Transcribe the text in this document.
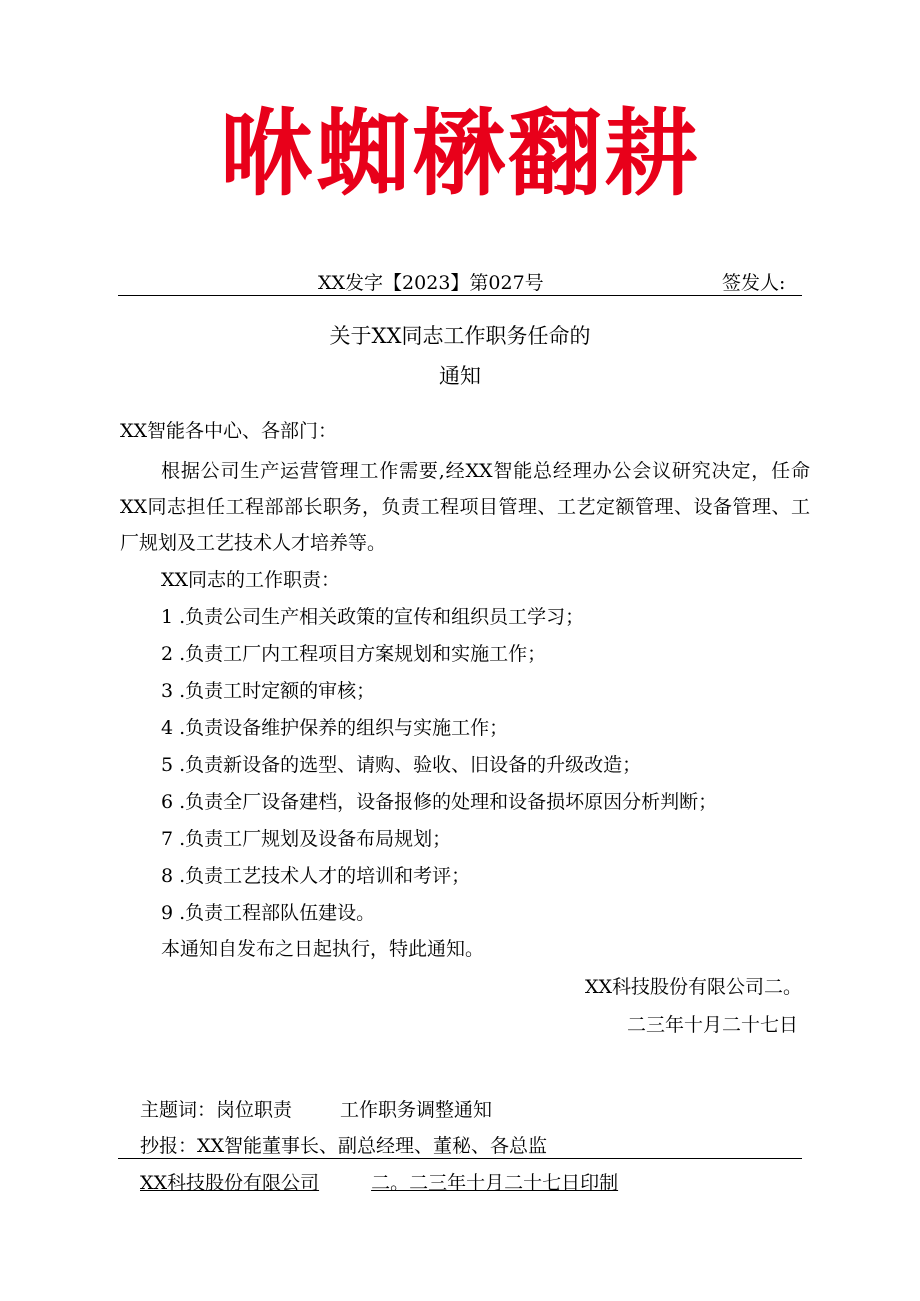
咻蜘楙翻耕
XX发字【2023】第027号	签发人:
关于XX同志工作职务任命的
通知
XX智能各中心、各部门：
根据公司生产运营管理工作需要,经XX智能总经理办公会议研究决定，任命XX同志担任工程部部长职务，负责工程项目管理、工艺定额管理、设备管理、工厂规划及工艺技术人才培养等。
XX同志的工作职责：
1 .负责公司生产相关政策的宣传和组织员工学习；
2 .负责工厂内工程项目方案规划和实施工作；
3 .负责工时定额的审核；
4 .负责设备维护保养的组织与实施工作；
5 .负责新设备的选型、请购、验收、旧设备的升级改造；
6 .负责全厂设备建档，设备报修的处理和设备损坏原因分析判断；
7 .负责工厂规划及设备布局规划；
8 .负责工艺技术人才的培训和考评；
9 .负责工程部队伍建设。
本通知自发布之日起执行，特此通知。
XX科技股份有限公司二。
二三年十月二十七日
主题词：岗位职责	工作职务调整通知
抄报：XX智能董事长、副总经理、董秘、各总监
XX科技股份有限公司	二。二三年十月二十七日印制
